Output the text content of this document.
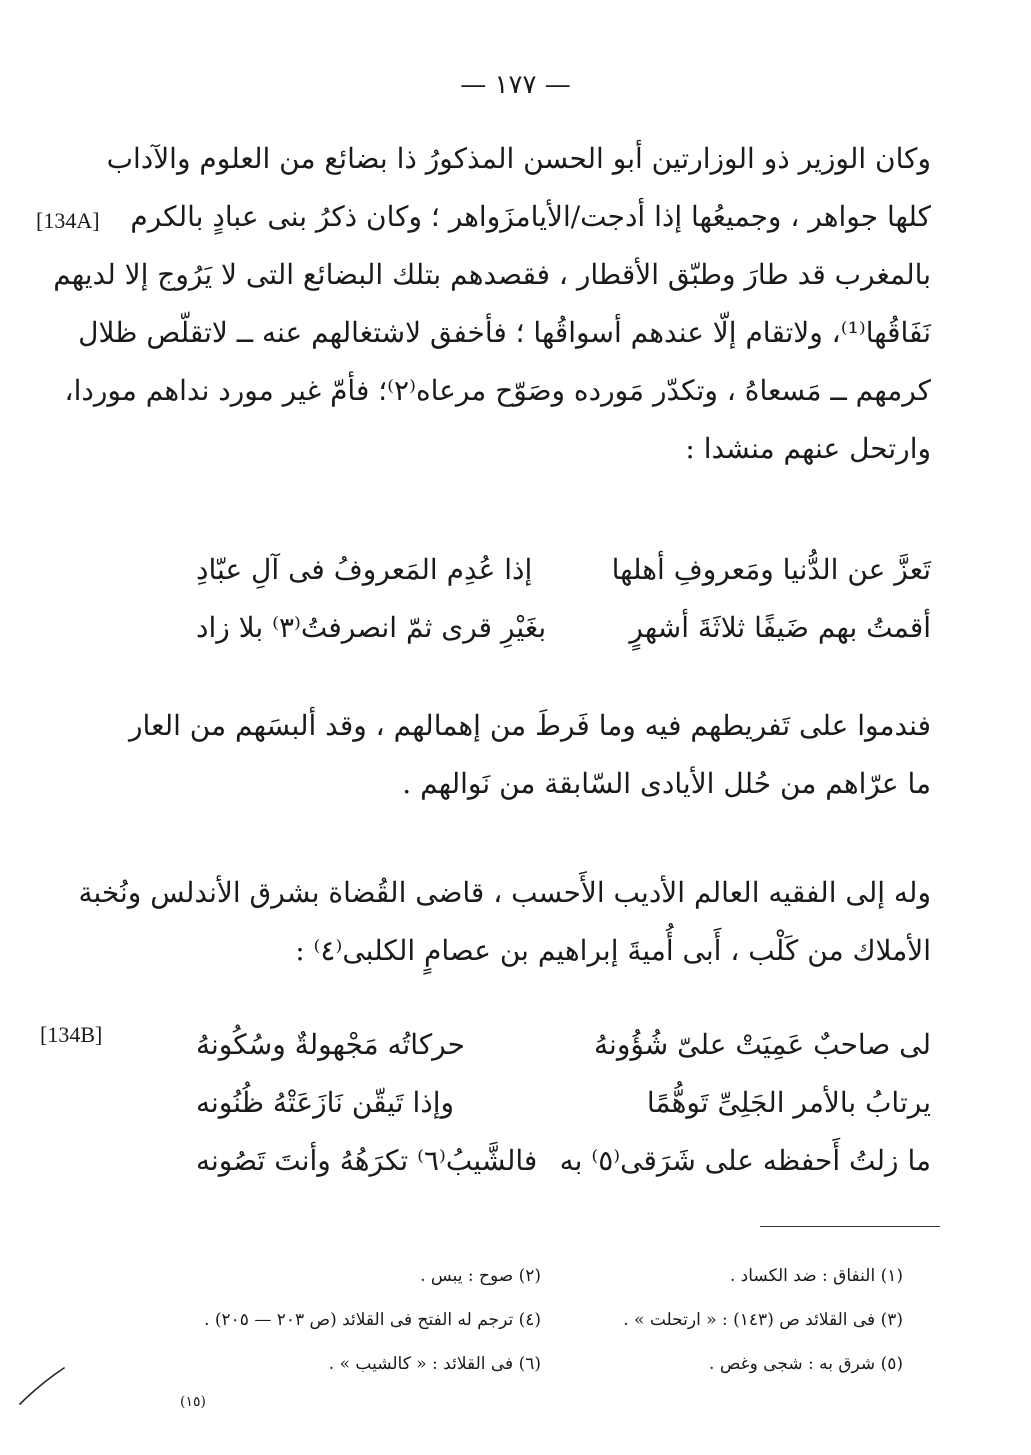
— ١٧٧ —
[134A]
[134B]
وكان الوزير ذو الوزارتين أبو الحسن المذكورُ ذا بضائع من العلوم والآداب
كلها جواهر ، وجميعُها إذا أدجت/الأيامزَواهر ؛ وكان ذكرُ بنى عبادٍ بالكرم
بالمغرب قد طارَ وطبّق الأقطار ، فقصدهم بتلك البضائع التى لا يَرُوج إلا لديهم
نَفَاقُها⁽¹⁾، ولاتقام إلّا عندهم أسواقُها ؛ فأخفق لاشتغالهم عنه ــ لاتقلّص ظلال
كرمهم ــ مَسعاهُ ، وتكدّر مَورده وصَوّح مرعاه⁽٢⁾؛ فأمّ غير مورد نداهم موردا،
وارتحل عنهم منشدا :
تَعزَّ عن الدُّنيا ومَعروفِ أهلها
إذا عُدِم المَعروفُ فى آلِ عبّادِ
أقمتُ بهم ضَيفًا ثلاثَةَ أشهرٍ
بغَيْرِ قرى ثمّ انصرفتُ⁽٣⁾ بلا زاد
فندموا على تَفريطهم فيه وما فَرطَ من إهمالهم ، وقد ألبسَهم من العار
ما عرّاهم من حُلل الأيادى السّابقة من نَوالهم .
وله إلى الفقيه العالم الأديب الأَحسب ، قاضى القُضاة بشرق الأندلس ونُخبة
الأملاك من كَلْب ، أَبى أُميةَ إبراهيم بن عصامٍ الكلبى⁽٤⁾ :
لى صاحبٌ عَمِيَتْ علىّ شُؤُونهُ
حركاتُه مَجْهولةٌ وسُكُونهُ
يرتابُ بالأمر الجَلِىِّ تَوهُّمًا
وإذا تَيقّن نَازَعَتْهُ ظُنُونه
ما زلتُ أَحفظه على شَرَقى⁽٥⁾ به
فالشَّيبُ⁽٦⁾ تكرَهُهُ وأنتَ تَصُونه
(١) النفاق : ضد الكساد .
(٣) فى القلائد ص (١٤٣) : « ارتحلت » .
(٥) شرق به : شجى وغص .
(٢) صوح : يبس .
(٤) ترجم له الفتح فى القلائد (ص ٢٠٣ — ٢٠٥) .
(٦) فى القلائد : « كالشيب » .
(١٥)
